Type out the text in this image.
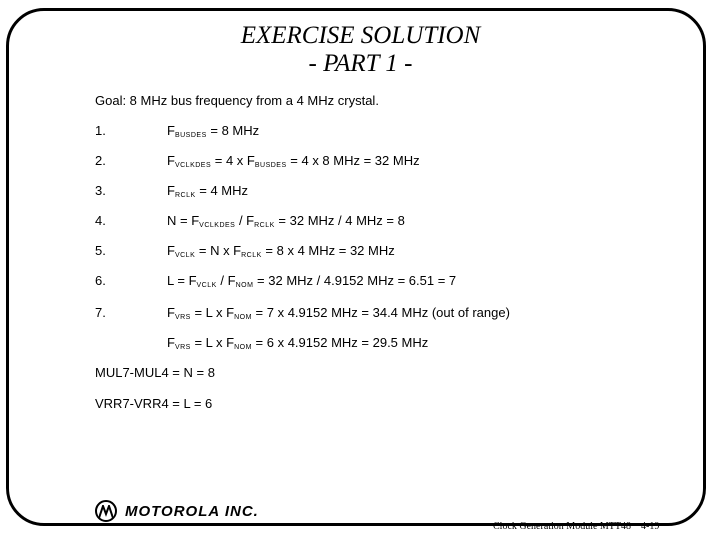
EXERCISE SOLUTION
- PART 1 -
Goal: 8 MHz bus frequency from a 4 MHz crystal.
1.	$F_{BUSDES} = 8$ MHz
2.	$F_{VCLKDES} = 4$ x $F_{BUSDES} = 4$ x 8 MHz = 32 MHz
3.	$F_{RCLK} = 4$ MHz
4.	$N = F_{VCLKDES} / F_{RCLK} = 32$ MHz / 4 MHz = 8
5.	$F_{VCLK} = N$ x $F_{RCLK} = 8$ x 4 MHz = 32 MHz
6.	$L = F_{VCLK} / F_{NOM} = 32$ MHz / 4.9152 MHz = 6.51 = 7
7.	$F_{VRS} = L$ x $F_{NOM} = 7$ x 4.9152 MHz = 34.4 MHz (out of range)
$F_{VRS} = L$ x $F_{NOM} = 6$ x 4.9152 MHz = 29.5 MHz
MUL7-MUL4 = N = 8
VRR7-VRR4 = L = 6
MOTOROLA INC.
Clock Generation Module MTT48 4-19
